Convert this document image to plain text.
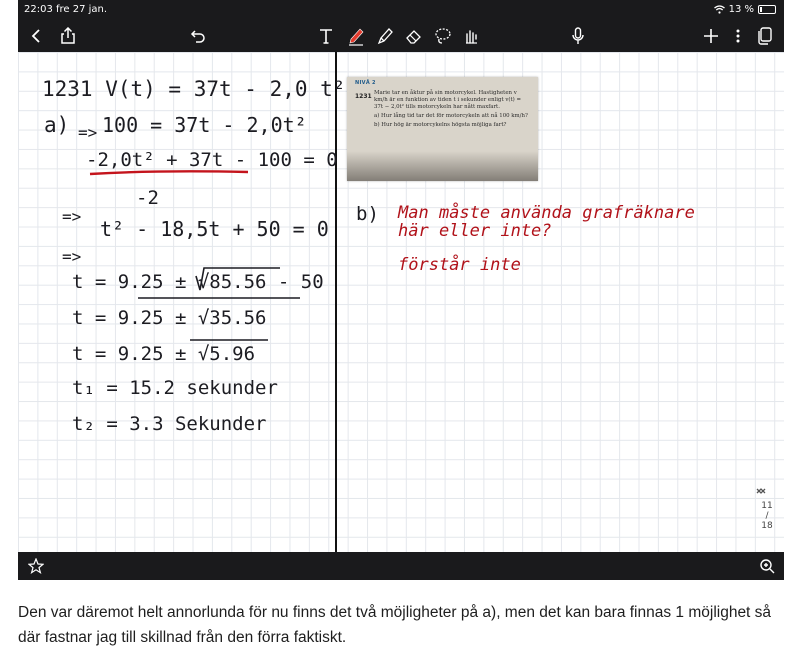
22:03 fre 27 jan.	13 %
1231 V(t) = 37t - 2,0 t²
a) => 100 = 37t - 2,0t²
-2,0t² + 37t - 100 = 0
-2
=>
t² - 18,5t + 50 = 0
=>
t = 9.25 ± √85.56 - 50
t = 9.25 ± √35.56
t = 9.25 ± √5.96
t₁ = 15.2 sekunder
t₂ = 3.3 Sekunder
b) Man måste använda grafräknare
här eller inte?
förstår inte
NIVÅ 2
1231 Marie tar en åktur på sin motorcykel. Hastigheten v km/h är en funktion av tiden t i sekunder enligt v(t) = 37t − 2,0t² tills motorcykeln har nått maxfart.
a) Hur lång tid tar det för motorcykeln att nå 100 km/h?
b) Hur hög är motorcykelns högsta möjliga fart?
11
/
18

Den var däremot helt annorlunda för nu finns det två möjligheter på a), men det kan bara finnas 1 möjlighet så där fastnar jag till skillnad från den förra faktiskt.
